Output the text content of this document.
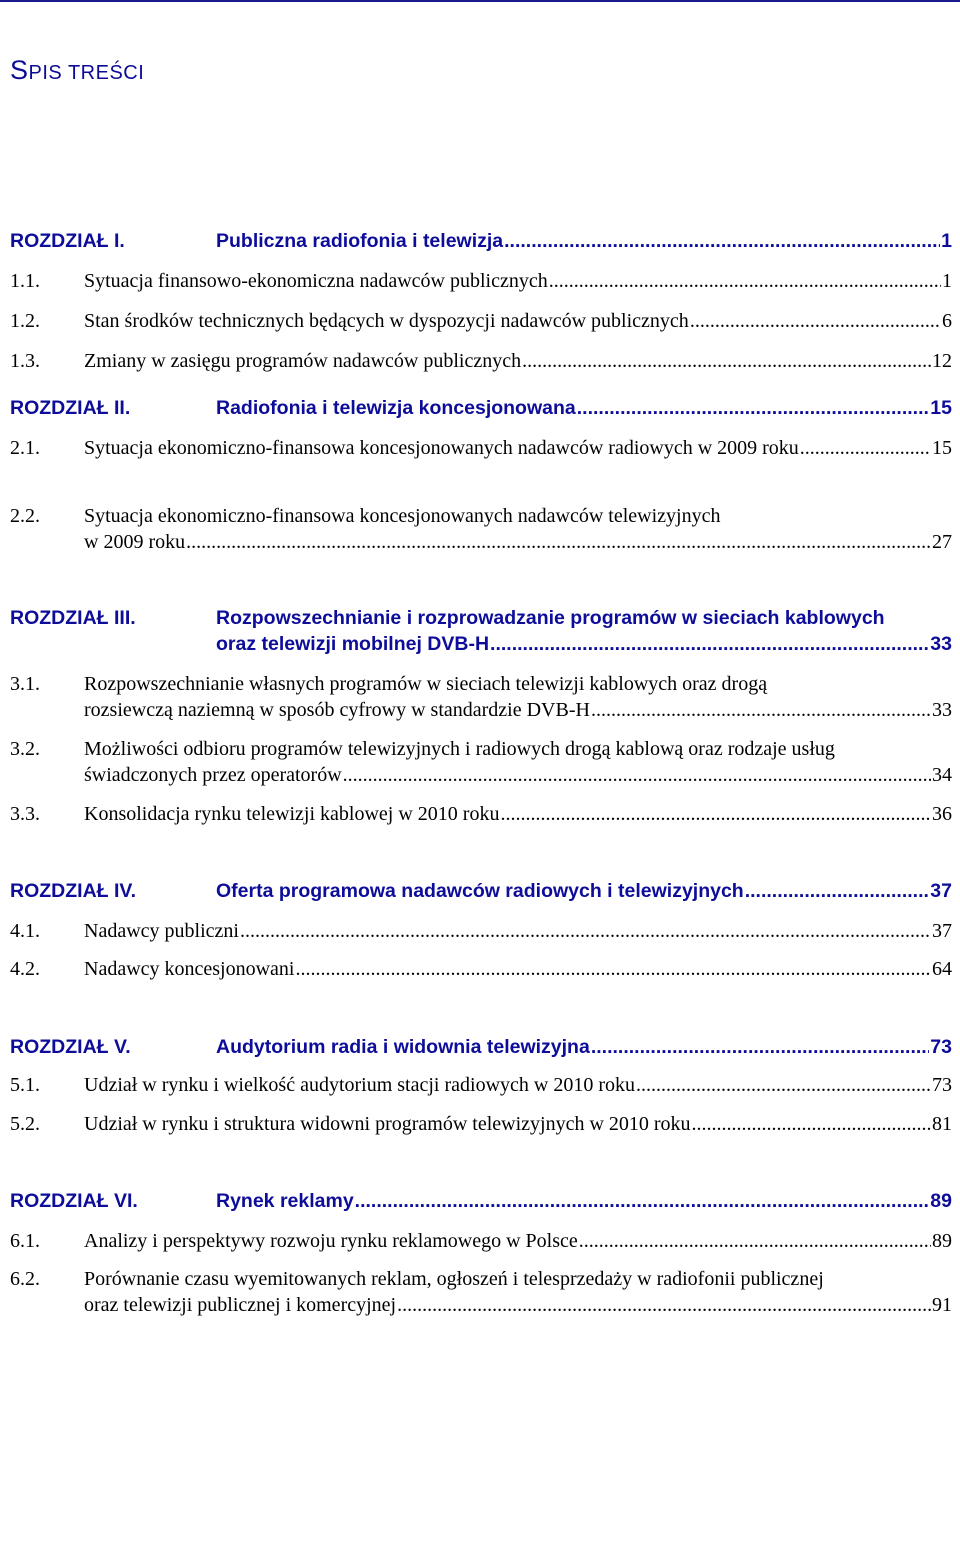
SPIS TREŚCI
ROZDZIAŁ I.	Publiczna radiofonia i telewizja .....	1
1.1. Sytuacja finansowo-ekonomiczna nadawców publicznych .....	1
1.2. Stan środków technicznych będących w dyspozycji nadawców publicznych .....	6
1.3. Zmiany w zasięgu programów nadawców publicznych .....	12
ROZDZIAŁ II.	Radiofonia i telewizja koncesjonowana .....	15
2.1. Sytuacja ekonomiczno-finansowa koncesjonowanych nadawców radiowych w 2009 roku .....	15
2.2. Sytuacja ekonomiczno-finansowa koncesjonowanych nadawców telewizyjnych
w 2009 roku .....	27
ROZDZIAŁ III.	Rozpowszechnianie i rozprowadzanie programów w sieciach kablowych
oraz telewizji mobilnej DVB-H .....	33
3.1. Rozpowszechnianie własnych programów w sieciach telewizji kablowych oraz drogą
rozsiewczą naziemną w sposób cyfrowy w standardzie DVB-H .....	33
3.2. Możliwości odbioru programów telewizyjnych i radiowych drogą kablową oraz rodzaje usług
świadczonych przez operatorów .....	34
3.3. Konsolidacja rynku telewizji kablowej w 2010 roku .....	36
ROZDZIAŁ IV.	Oferta programowa nadawców radiowych i telewizyjnych .....	37
4.1. Nadawcy publiczni .....	37
4.2. Nadawcy koncesjonowani .....	64
ROZDZIAŁ V.	Audytorium radia i widownia telewizyjna .....	73
5.1. Udział w rynku i wielkość audytorium stacji radiowych w 2010 roku .....	73
5.2. Udział w rynku i struktura widowni programów telewizyjnych w 2010 roku .....	81
ROZDZIAŁ VI.	Rynek reklamy .....	89
6.1. Analizy i perspektywy rozwoju rynku reklamowego w Polsce .....	89
6.2. Porównanie czasu wyemitowanych reklam, ogłoszeń i telesprzedaży w radiofonii publicznej
oraz telewizji publicznej i komercyjnej .....	91
